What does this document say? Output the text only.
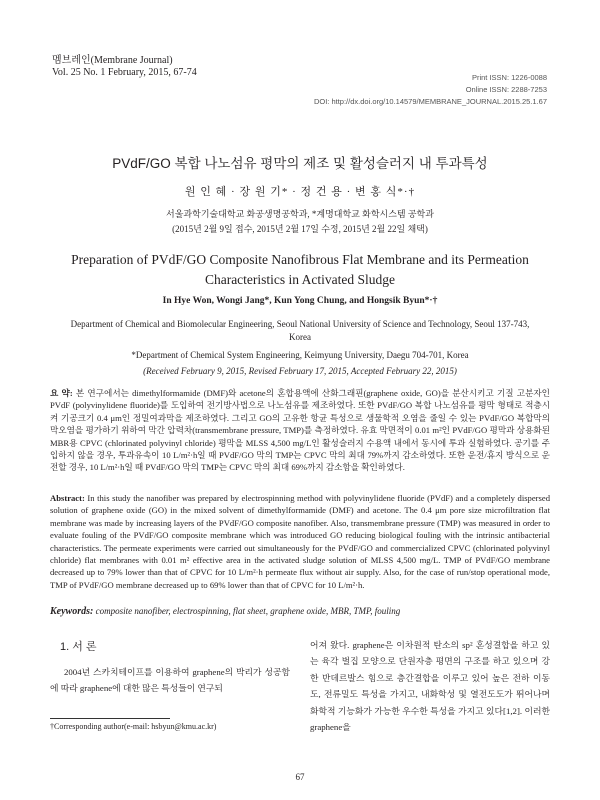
멤브레인(Membrane Journal)
Vol. 25 No. 1 February, 2015, 67-74	Print ISSN: 1226-0088
Online ISSN: 2288-7253
DOI: http://dx.doi.org/10.14579/MEMBRANE_JOURNAL.2015.25.1.67
PVdF/GO 복합 나노섬유 평막의 제조 및 활성슬러지 내 투과특성
원 인 혜 · 장 원 기* · 정 건 용 · 변 홍 식*·†
서울과학기술대학교 화공생명공학과, *계명대학교 화학시스템 공학과
(2015년 2월 9일 접수, 2015년 2월 17일 수정, 2015년 2월 22일 채택)
Preparation of PVdF/GO Composite Nanofibrous Flat Membrane and its Permeation Characteristics in Activated Sludge
In Hye Won, Wongi Jang*, Kun Yong Chung, and Hongsik Byun*·†
Department of Chemical and Biomolecular Engineering, Seoul National University of Science and Technology, Seoul 137-743, Korea
*Department of Chemical System Engineering, Keimyung University, Daegu 704-701, Korea
(Received February 9, 2015, Revised February 17, 2015, Accepted February 22, 2015)
요 약: 본 연구에서는 dimethylformamide (DMF)와 acetone의 혼합용액에 산화그래핀(graphene oxide, GO)을 분산시키고 기질 고분자인 PVdF (polyvinylidene fluoride)를 도입하여 전기방사법으로 나노섬유를 제조하였다. 또한 PVdF/GO 복합 나노섬유를 평막 형태로 적층시켜 기공크기 0.4 μm인 정밀여과막을 제조하였다. 그리고 GO의 고유한 항균 특성으로 생물학적 오염을 줄일 수 있는 PVdF/GO 복합막의 막오염을 평가하기 위하여 막간 압력차(transmembrane pressure, TMP)를 측정하였다. 유효 막면적이 0.01 m²인 PVdF/GO 평막과 상용화된 MBR용 CPVC (chlorinated polyvinyl chloride) 평막을 MLSS 4,500 mg/L인 활성슬러지 수용액 내에서 동시에 투과 실험하였다. 공기를 주입하지 않을 경우, 투과유속이 10 L/m²·h일 때 PVdF/GO 막의 TMP는 CPVC 막의 최대 79%까지 감소하였다. 또한 운전/휴지 방식으로 운전할 경우, 10 L/m²·h일 때 PVdF/GO 막의 TMP는 CPVC 막의 최대 69%까지 감소함을 확인하였다.
Abstract: In this study the nanofiber was prepared by electrospinning method with polyvinylidene fluoride (PVdF) and a completely dispersed solution of graphene oxide (GO) in the mixed solvent of dimethylformamide (DMF) and acetone. The 0.4 μm pore size microfiltration flat membrane was made by increasing layers of the PVdF/GO composite nanofiber. Also, transmembrane pressure (TMP) was measured in order to evaluate fouling of the PVdF/GO composite membrane which was introduced GO reducing biological fouling with the intrinsic antibacterial characteristics. The permeate experiments were carried out simultaneously for the PVdF/GO and commercialized CPVC (chlorinated polyvinyl chloride) flat membranes with 0.01 m² effective area in the activated sludge solution of MLSS 4,500 mg/L. TMP of PVdF/GO membrane decreased up to 79% lower than that of CPVC for 10 L/m²·h permeate flux without air supply. Also, for the case of run/stop operational mode, TMP of PVdF/GO membrane decreased up to 69% lower than that of CPVC for 10 L/m²·h.
Keywords: composite nanofiber, electrospinning, flat sheet, graphene oxide, MBR, TMP, fouling
1. 서 론
2004년 스카치테이프를 이용하여 graphene의 박리가 성공함에 따라 graphene에 대한 많은 특성들이 연구되
어져 왔다. graphene은 이차원적 탄소의 sp² 혼성결합을 하고 있는 육각 벌집 모양으로 단원자층 평면의 구조를 하고 있으며 강한 반데르발스 힘으로 층간결합을 이루고 있어 높은 전하 이동도, 전류밀도 특성을 가지고, 내화학성 및 열전도도가 뛰어나며 화학적 기능화가 가능한 우수한 특성을 가지고 있다[1,2]. 이러한 graphene을
†Corresponding author(e-mail: hsbyun@kmu.ac.kr)
67
